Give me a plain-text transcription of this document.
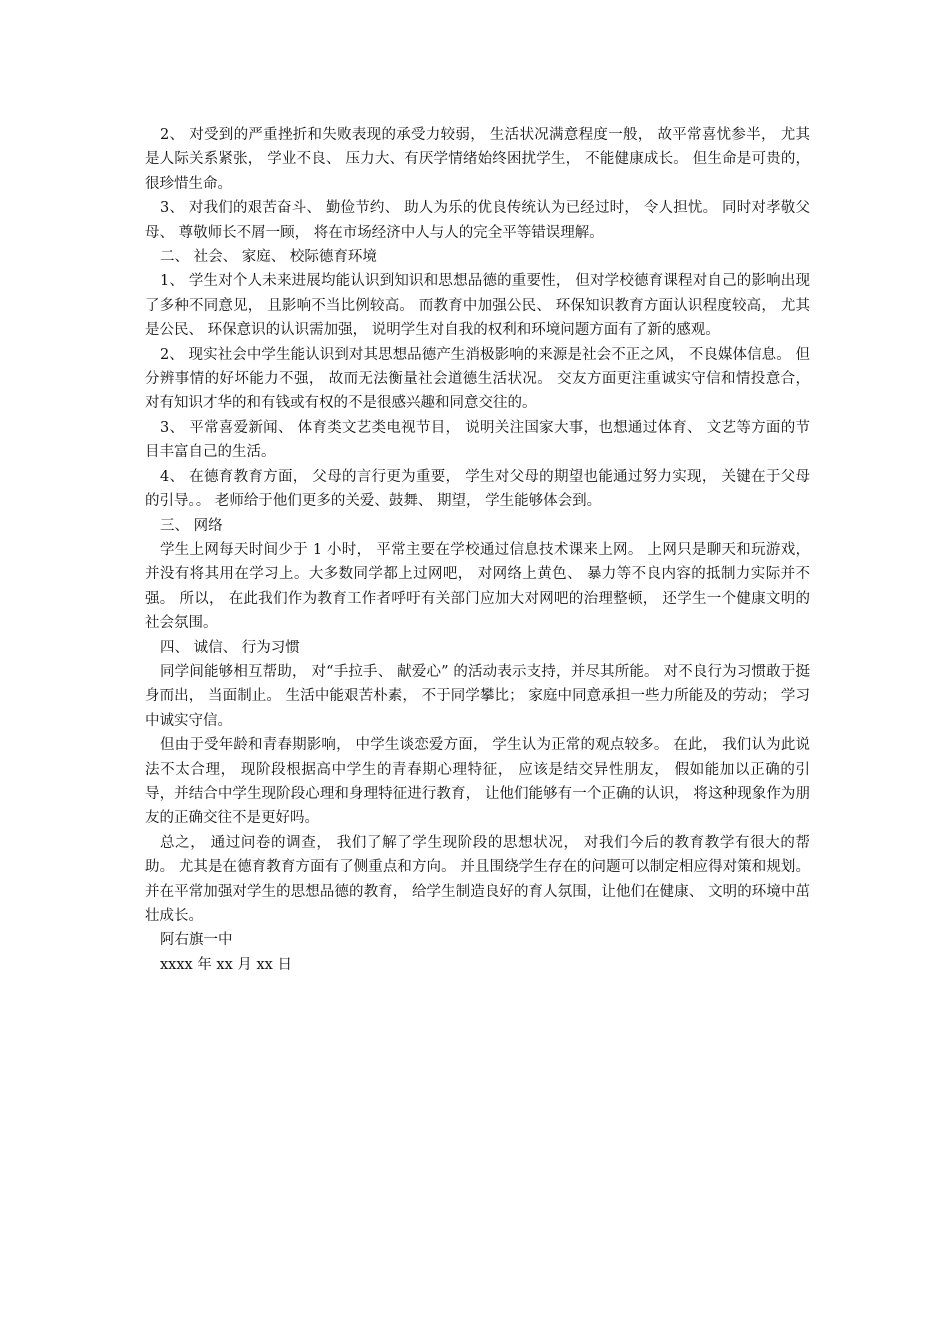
2、 对受到的严重挫折和失败表现的承受力较弱， 生活状况满意程度一般， 故平常喜忧参半， 尤其是人际关系紧张， 学业不良、 压力大、有厌学情绪始终困扰学生， 不能健康成长。 但生命是可贵的， 很珍惜生命。

3、 对我们的艰苦奋斗、 勤俭节约、 助人为乐的优良传统认为已经过时， 令人担忧。 同时对孝敬父母、 尊敬师长不屑一顾， 将在市场经济中人与人的完全平等错误理解。

二、 社会、 家庭、 校际德育环境

1、 学生对个人未来进展均能认识到知识和思想品德的重要性， 但对学校德育课程对自己的影响出现了多种不同意见， 且影响不当比例较高。 而教育中加强公民、 环保知识教育方面认识程度较高， 尤其是公民、 环保意识的认识需加强， 说明学生对自我的权利和环境问题方面有了新的感观。

2、 现实社会中学生能认识到对其思想品德产生消极影响的来源是社会不正之风， 不良媒体信息。 但分辨事情的好坏能力不强， 故而无法衡量社会道德生活状况。 交友方面更注重诚实守信和情投意合， 对有知识才华的和有钱或有权的不是很感兴趣和同意交往的。

3、 平常喜爱新闻、 体育类文艺类电视节目， 说明关注国家大事，也想通过体育、 文艺等方面的节目丰富自己的生活。

4、 在德育教育方面， 父母的言行更为重要， 学生对父母的期望也能通过努力实现， 关键在于父母的引导。。 老师给于他们更多的关爱、鼓舞、 期望， 学生能够体会到。

三、 网络

学生上网每天时间少于 1 小时， 平常主要在学校通过信息技术课来上网。 上网只是聊天和玩游戏， 并没有将其用在学习上。大多数同学都上过网吧， 对网络上黄色、 暴力等不良内容的抵制力实际并不强。 所以， 在此我们作为教育工作者呼吁有关部门应加大对网吧的治理整顿， 还学生一个健康文明的社会氛围。

四、 诚信、 行为习惯

同学间能够相互帮助， 对“手拉手、 献爱心” 的活动表示支持，并尽其所能。 对不良行为习惯敢于挺身而出， 当面制止。 生活中能艰苦朴素， 不于同学攀比； 家庭中同意承担一些力所能及的劳动； 学习中诚实守信。

但由于受年龄和青春期影响， 中学生谈恋爱方面， 学生认为正常的观点较多。 在此， 我们认为此说法不太合理， 现阶段根据高中学生的青春期心理特征， 应该是结交异性朋友， 假如能加以正确的引导，并结合中学生现阶段心理和身理特征进行教育， 让他们能够有一个正确的认识， 将这种现象作为朋友的正确交往不是更好吗。

总之， 通过问卷的调查， 我们了解了学生现阶段的思想状况， 对我们今后的教育教学有很大的帮助。 尤其是在德育教育方面有了侧重点和方向。 并且围绕学生存在的问题可以制定相应得对策和规划。 并在平常加强对学生的思想品德的教育， 给学生制造良好的育人氛围，让他们在健康、 文明的环境中茁壮成长。

阿右旗一中

xxxx 年 xx 月 xx 日
